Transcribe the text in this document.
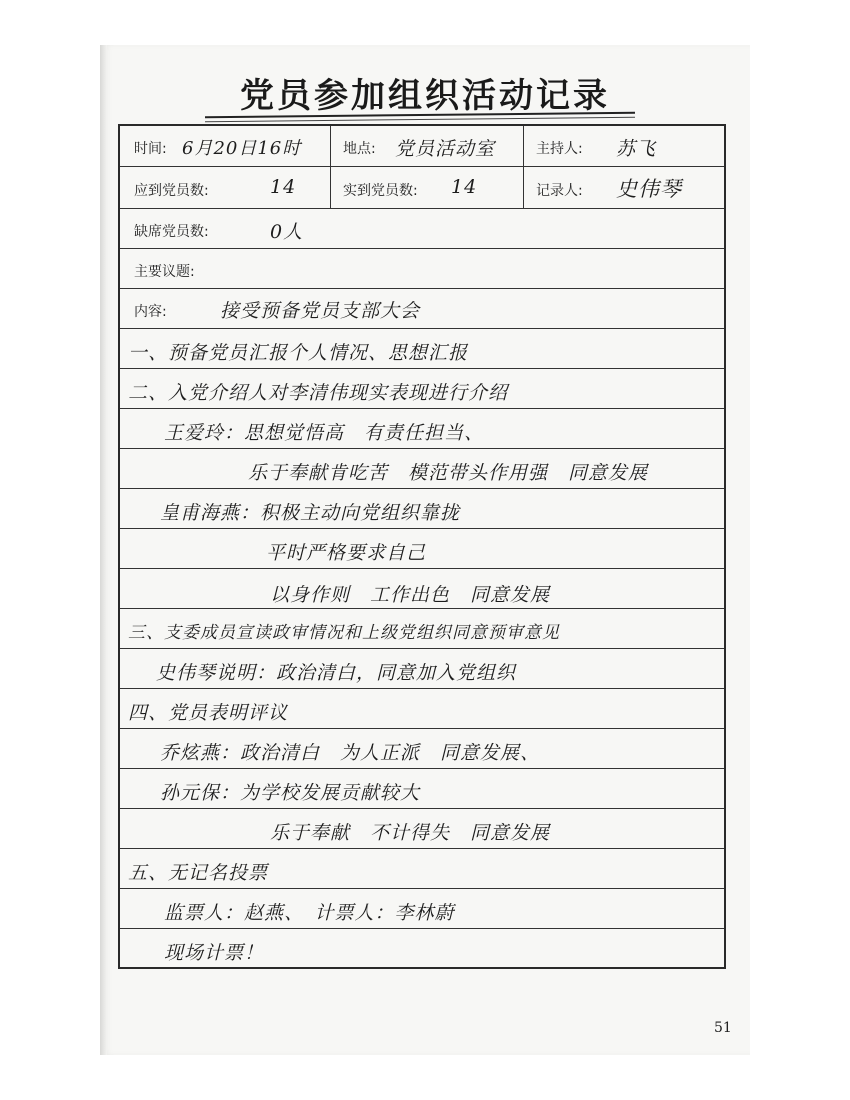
党员参加组织活动记录
时间: 6月20日16时	地点: 党员活动室	主持人: 苏飞
应到党员数:	14	实到党员数: 14	记录人: 史伟琴
缺席党员数:	0人
主要议题:
内容:	接受预备党员支部大会
一、预备党员汇报个人情况、思想汇报
二、入党介绍人对李清伟现实表现进行介绍
王爱玲：思想觉悟高　有责任担当、
乐于奉献肯吃苦　模范带头作用强　同意发展
皇甫海燕：积极主动向党组织靠拢
平时严格要求自己
以身作则　工作出色　同意发展
三、支委成员宣读政审情况和上级党组织同意预审意见
史伟琴说明：政治清白，同意加入党组织
四、党员表明评议
乔炫燕：政治清白　为人正派　同意发展、
孙元保：为学校发展贡献较大
乐于奉献　不计得失　同意发展
五、无记名投票
监票人：赵燕、　计票人：李林蔚
现场计票！
51
